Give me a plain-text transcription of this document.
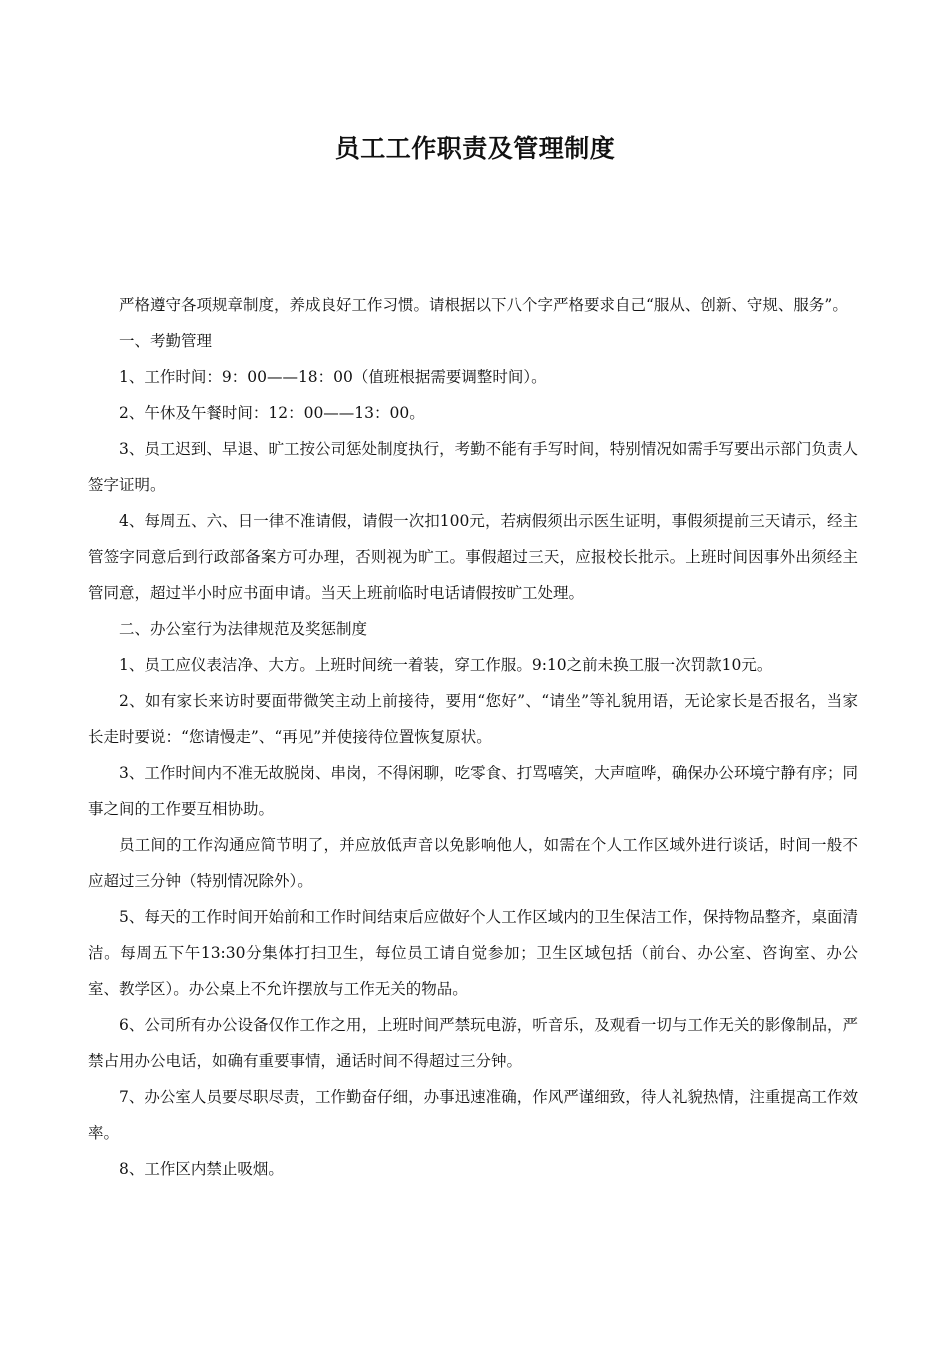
员工工作职责及管理制度

严格遵守各项规章制度，养成良好工作习惯。请根据以下八个字严格要求自己“服从、创新、守规、服务”。

一、考勤管理

1、工作时间：9：00——18：00（值班根据需要调整时间）。

2、午休及午餐时间：12：00——13：00。

3、员工迟到、早退、旷工按公司惩处制度执行，考勤不能有手写时间，特别情况如需手写要出示部门负责人签字证明。

4、每周五、六、日一律不准请假，请假一次扣100元，若病假须出示医生证明，事假须提前三天请示，经主管签字同意后到行政部备案方可办理，否则视为旷工。事假超过三天，应报校长批示。上班时间因事外出须经主管同意，超过半小时应书面申请。当天上班前临时电话请假按旷工处理。

二、办公室行为法律规范及奖惩制度

1、员工应仪表洁净、大方。上班时间统一着装，穿工作服。9:10之前未换工服一次罚款10元。

2、如有家长来访时要面带微笑主动上前接待，要用“您好”、“请坐”等礼貌用语，无论家长是否报名，当家长走时要说：“您请慢走”、“再见”并使接待位置恢复原状。

3、工作时间内不准无故脱岗、串岗，不得闲聊，吃零食、打骂嘻笑，大声喧哗，确保办公环境宁静有序；同事之间的工作要互相协助。

员工间的工作沟通应简节明了，并应放低声音以免影响他人，如需在个人工作区域外进行谈话，时间一般不应超过三分钟（特别情况除外）。

5、每天的工作时间开始前和工作时间结束后应做好个人工作区域内的卫生保洁工作，保持物品整齐，桌面清洁。每周五下午13:30分集体打扫卫生，每位员工请自觉参加；卫生区域包括（前台、办公室、咨询室、办公室、教学区）。办公桌上不允许摆放与工作无关的物品。

6、公司所有办公设备仅作工作之用，上班时间严禁玩电游，听音乐，及观看一切与工作无关的影像制品，严禁占用办公电话，如确有重要事情，通话时间不得超过三分钟。

7、办公室人员要尽职尽责，工作勤奋仔细，办事迅速准确，作风严谨细致，待人礼貌热情，注重提高工作效率。

8、工作区内禁止吸烟。
